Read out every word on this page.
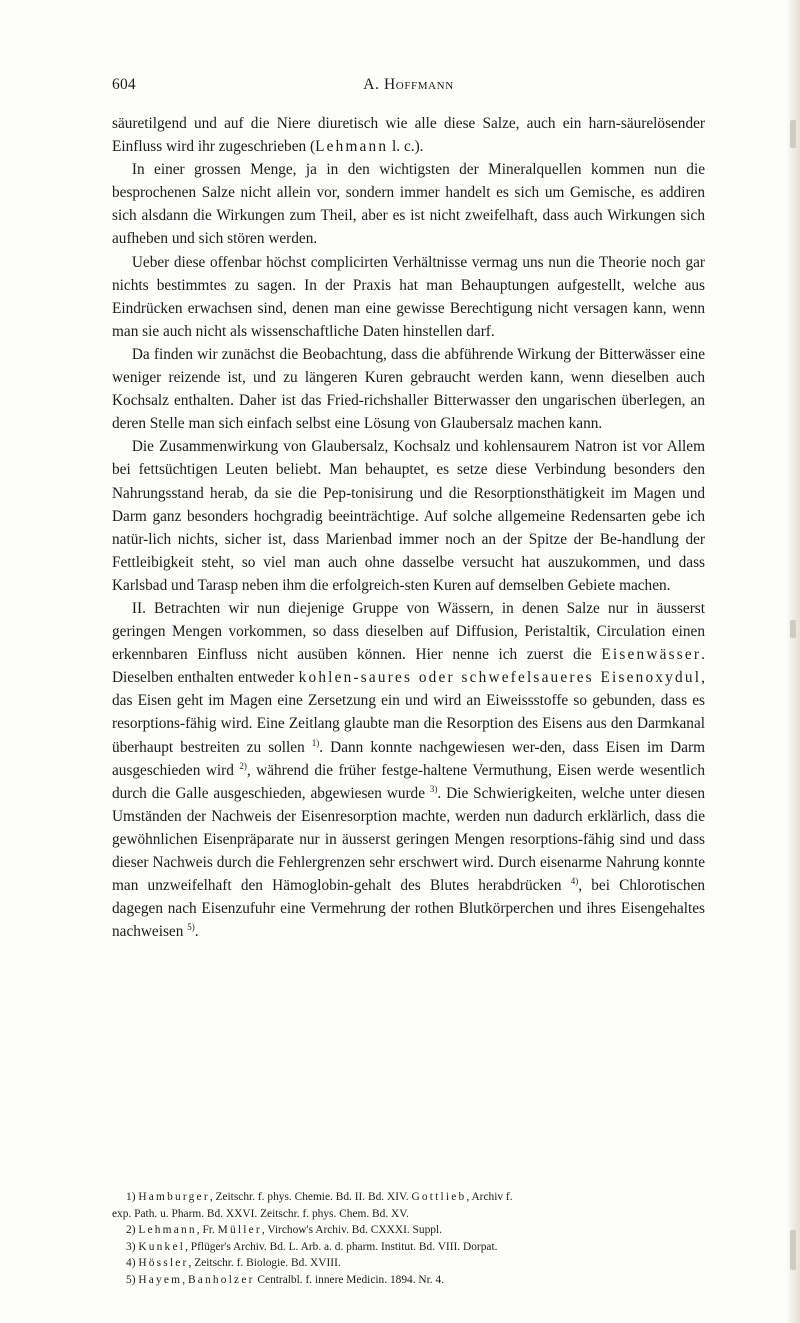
604	A. Hoffmann

säuretilgend und auf die Niere diuretisch wie alle diese Salze, auch ein harn-säurelösender Einfluss wird ihr zugeschrieben (Lehmann l. c.).

In einer grossen Menge, ja in den wichtigsten der Mineralquellen kommen nun die besprochenen Salze nicht allein vor, sondern immer handelt es sich um Gemische, es addiren sich alsdann die Wirkungen zum Theil, aber es ist nicht zweifelhaft, dass auch Wirkungen sich aufheben und sich stören werden.

Ueber diese offenbar höchst complicirten Verhältnisse vermag uns nun die Theorie noch gar nichts bestimmtes zu sagen. In der Praxis hat man Behauptungen aufgestellt, welche aus Eindrücken erwachsen sind, denen man eine gewisse Berechtigung nicht versagen kann, wenn man sie auch nicht als wissenschaftliche Daten hinstellen darf.

Da finden wir zunächst die Beobachtung, dass die abführende Wirkung der Bitterwässer eine weniger reizende ist, und zu längeren Kuren gebraucht werden kann, wenn dieselben auch Kochsalz enthalten. Daher ist das Fried-richshaller Bitterwasser den ungarischen überlegen, an deren Stelle man sich einfach selbst eine Lösung von Glaubersalz machen kann.

Die Zusammenwirkung von Glaubersalz, Kochsalz und kohlensaurem Natron ist vor Allem bei fettsüchtigen Leuten beliebt. Man behauptet, es setze diese Verbindung besonders den Nahrungsstand herab, da sie die Pep-tonisirung und die Resorptionsthätigkeit im Magen und Darm ganz besonders hochgradig beeinträchtige. Auf solche allgemeine Redensarten gebe ich natür-lich nichts, sicher ist, dass Marienbad immer noch an der Spitze der Be-handlung der Fettleibigkeit steht, so viel man auch ohne dasselbe versucht hat auszukommen, und dass Karlsbad und Tarasp neben ihm die erfolgreich-sten Kuren auf demselben Gebiete machen.

II. Betrachten wir nun diejenige Gruppe von Wässern, in denen Salze nur in äusserst geringen Mengen vorkommen, so dass dieselben auf Diffusion, Peristaltik, Circulation einen erkennbaren Einfluss nicht ausüben können. Hier nenne ich zuerst die Eisenwässer. Dieselben enthalten entweder kohlen-saures oder schwefelsaueres Eisenoxydul, das Eisen geht im Magen eine Zersetzung ein und wird an Eiweissstoffe so gebunden, dass es resorptions-fähig wird. Eine Zeitlang glaubte man die Resorption des Eisens aus den Darmkanal überhaupt bestreiten zu sollen $^{1)}$. Dann konnte nachgewiesen wer-den, dass Eisen im Darm ausgeschieden wird $^{2)}$, während die früher festge-haltene Vermuthung, Eisen werde wesentlich durch die Galle ausgeschieden, abgewiesen wurde $^{3)}$. Die Schwierigkeiten, welche unter diesen Umständen der Nachweis der Eisenresorption machte, werden nun dadurch erklärlich, dass die gewöhnlichen Eisenpräparate nur in äusserst geringen Mengen resorptions-fähig sind und dass dieser Nachweis durch die Fehlergrenzen sehr erschwert wird. Durch eisenarme Nahrung konnte man unzweifelhaft den Hämoglobin-gehalt des Blutes herabdrücken $^{4)}$, bei Chlorotischen dagegen nach Eisenzufuhr eine Vermehrung der rothen Blutkörperchen und ihres Eisengehaltes nachweisen $^{5)}$.

1) Hamburger, Zeitschr. f. phys. Chemie. Bd. II. Bd. XIV. Gottlieb, Archiv f.

exp. Path. u. Pharm. Bd. XXVI. Zeitschr. f. phys. Chem. Bd. XV.

2) Lehmann, Fr. Müller, Virchow's Archiv. Bd. CXXXI. Suppl.

3) Kunkel, Pflüger's Archiv. Bd. L. Arb. a. d. pharm. Institut. Bd. VIII. Dorpat.

4) Hössler, Zeitschr. f. Biologie. Bd. XVIII.

5) Hayem, Banholzer Centralbl. f. innere Medicin. 1894. Nr. 4.
